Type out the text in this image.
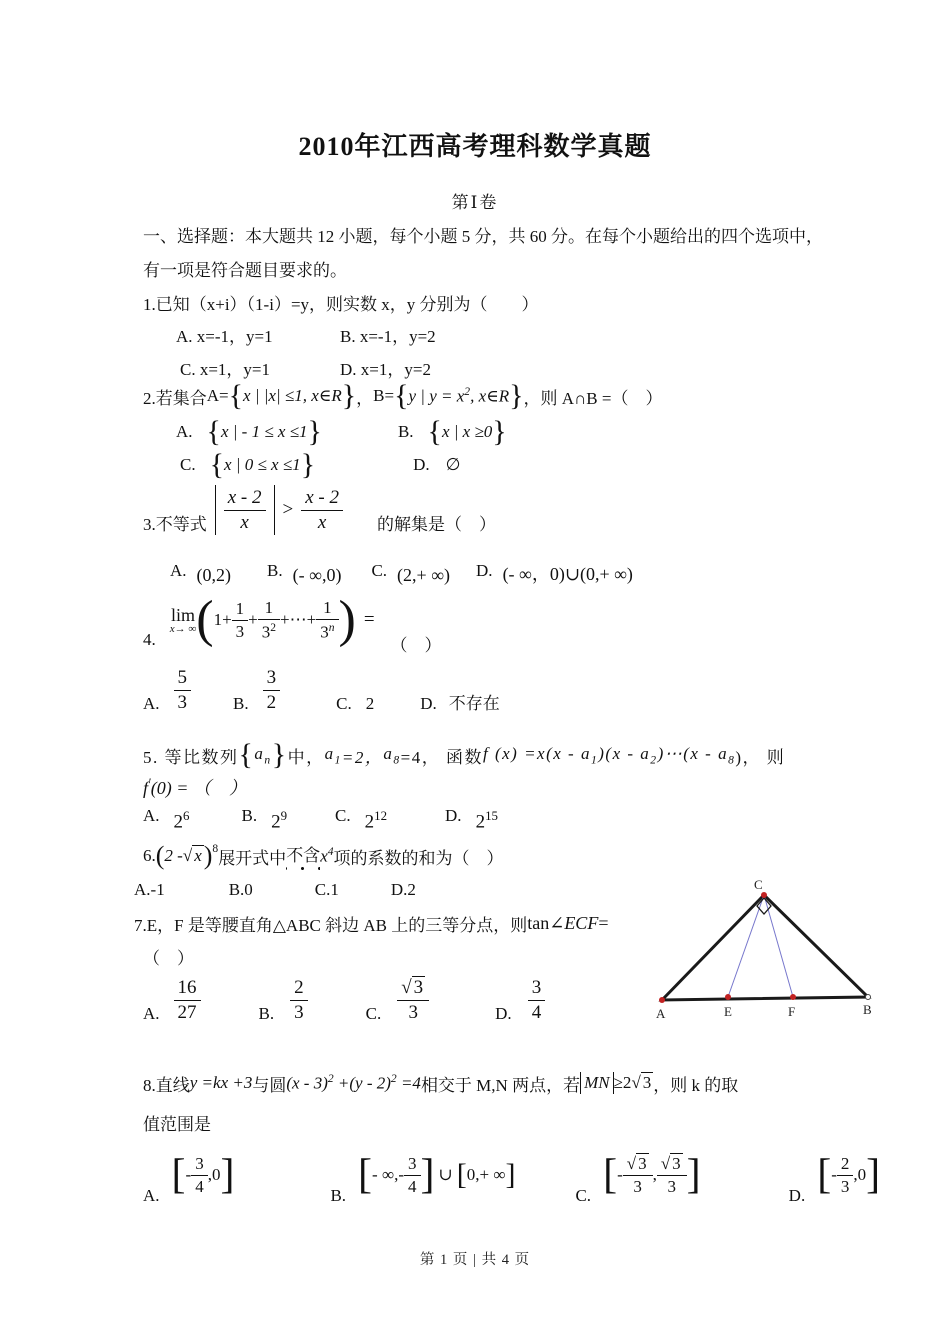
2010年江西高考理科数学真题
第Ⅰ卷
一、选择题：本大题共 12 小题，每个小题 5 分，共 60 分。在每个小题给出的四个选项中，
有一项是符合题目要求的。
1.已知（x+i）（1-i）=y，则实数 x，y 分别为（　　）
A. x=-1，y=1	B. x=-1，y=2
C. x=1，y=1	D. x=1，y=2
2.若集合 A= { x | |x| ≤1, x∈R } ， B= { y | $y = x^2$, x∈R } ，则 A∩B =（　）
A. { x | - 1 ≤ x ≤1 }	B. { x | x ≥0 }
C. { x | 0 ≤ x ≤1 }	D. ∅
3.不等式 $\frac{x - 2}{x} > \frac{x - 2}{x}$ 的解集是（　）
A. (0,2) B. (- ∞,0) C. (2,+ ∞) D. (- ∞，0)∪(0,+ ∞)
4.
lim
x→ ∞ ( $1+ \frac{1}{3} + \frac{1}{3^2}$ +⋯+ $\frac{1}{3^n}$ ) =
（　）
A. $\frac{5}{3} B$. $\frac{3}{2}$	C. 2	D. 不存在
5. 等比数列 { $a_n$ } 中， $a_1 =2$， $a_8 =4$， 函数 f $(x) =x(x - a_1)(x$ - $a_2)\cdots(x - a_8$ )， 则
f′(0) = （　）
A. $2^6$	B. $2^9$	C. $2^{12}$	D. $2^{15}$
6. ( 2 - √ x )$^8$
展开式中 不含 $x^4$ 项的系数的和为（　）
A.-1	B.0	C.1	D.2
7.E，F 是等腰直角△ABC 斜边 AB 上的三等分点，则 tan ∠ECF =
（　）
A. $\frac{16}{27}$	B. $\frac{2}{3}$	C. $\frac{√ 3}{3}$	D. $\frac{3}{4}$
C
A	E	F	B
8.直线 y =kx +3 与圆 (x - 3)$^2$ +(y - 2)$^2$ =4 相交于 M,N 两点，若 MN ≥2 √ 3 ，则 k 的取
值范围是
A. [ - $\frac{3}{4} ,0$ ]	B. [ - ∞,- $\frac{3}{4}$ ] ∪ [ 0,+ ∞ ]
C. [ - $\frac{√ 3}{3}$ , $\frac{√ 3}{3}$ ]	D. [ - $\frac{2}{3} ,0$ ]
第 1 页 | 共 4 页
